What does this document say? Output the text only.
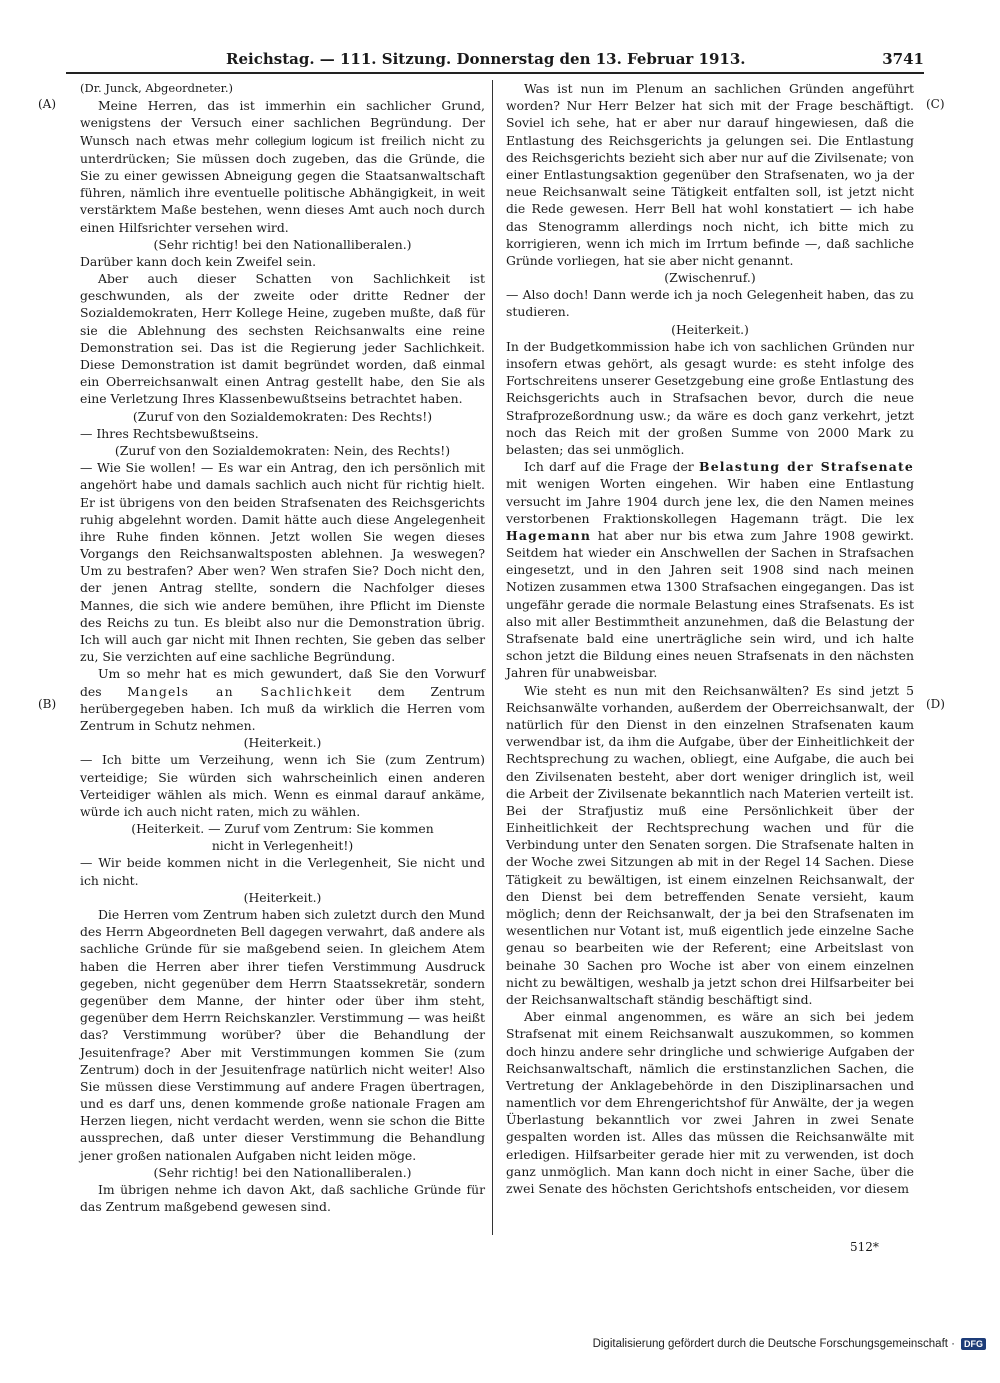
Reichstag. — 111. Sitzung. Donnerstag den 13. Februar 1913.	3741
(A)
(B)
(C)
(D)

(Dr. Junck, Abgeordneter.)

Meine Herren, das ist immerhin ein sachlicher Grund, wenigstens der Versuch einer sachlichen Begründung. Der Wunsch nach etwas mehr collegium logicum ist freilich nicht zu unterdrücken; Sie müssen doch zugeben, das die Gründe, die Sie zu einer gewissen Abneigung gegen die Staatsanwaltschaft führen, nämlich ihre eventuelle politische Abhängigkeit, in weit verstärktem Maße bestehen, wenn dieses Amt auch noch durch einen Hilfsrichter versehen wird.

(Sehr richtig! bei den Nationalliberalen.)

Darüber kann doch kein Zweifel sein.

Aber auch dieser Schatten von Sachlichkeit ist geschwunden, als der zweite oder dritte Redner der Sozialdemokraten, Herr Kollege Heine, zugeben mußte, daß für sie die Ablehnung des sechsten Reichsanwalts eine reine Demonstration sei. Das ist die Regierung jeder Sachlichkeit. Diese Demonstration ist damit begründet worden, daß einmal ein Oberreichsanwalt einen Antrag gestellt habe, den Sie als eine Verletzung Ihres Klassenbewußtseins betrachtet haben.

(Zuruf von den Sozialdemokraten: Des Rechts!)

— Ihres Rechtsbewußtseins.

(Zuruf von den Sozialdemokraten: Nein, des Rechts!)

— Wie Sie wollen! — Es war ein Antrag, den ich persönlich mit angehört habe und damals sachlich auch nicht für richtig hielt. Er ist übrigens von den beiden Strafsenaten des Reichsgerichts ruhig abgelehnt worden. Damit hätte auch diese Angelegenheit ihre Ruhe finden können. Jetzt wollen Sie wegen dieses Vorgangs den Reichsanwaltsposten ablehnen. Ja weswegen? Um zu bestrafen? Aber wen? Wen strafen Sie? Doch nicht den, der jenen Antrag stellte, sondern die Nachfolger dieses Mannes, die sich wie andere bemühen, ihre Pflicht im Dienste des Reichs zu tun. Es bleibt also nur die Demonstration übrig. Ich will auch gar nicht mit Ihnen rechten, Sie geben das selber zu, Sie verzichten auf eine sachliche Begründung.

Um so mehr hat es mich gewundert, daß Sie den Vorwurf des Mangels an Sachlichkeit dem Zentrum herübergegeben haben. Ich muß da wirklich die Herren vom Zentrum in Schutz nehmen.

(Heiterkeit.)

— Ich bitte um Verzeihung, wenn ich Sie (zum Zentrum) verteidige; Sie würden sich wahrscheinlich einen anderen Verteidiger wählen als mich. Wenn es einmal darauf ankäme, würde ich auch nicht raten, mich zu wählen.

(Heiterkeit. — Zuruf vom Zentrum: Sie kommen

nicht in Verlegenheit!)

— Wir beide kommen nicht in die Verlegenheit, Sie nicht und ich nicht.

(Heiterkeit.)

Die Herren vom Zentrum haben sich zuletzt durch den Mund des Herrn Abgeordneten Bell dagegen verwahrt, daß andere als sachliche Gründe für sie maßgebend seien. In gleichem Atem haben die Herren aber ihrer tiefen Verstimmung Ausdruck gegeben, nicht gegenüber dem Herrn Staatssekretär, sondern gegenüber dem Manne, der hinter oder über ihm steht, gegenüber dem Herrn Reichskanzler. Verstimmung — was heißt das? Verstimmung worüber? über die Behandlung der Jesuitenfrage? Aber mit Verstimmungen kommen Sie (zum Zentrum) doch in der Jesuitenfrage natürlich nicht weiter! Also Sie müssen diese Verstimmung auf andere Fragen übertragen, und es darf uns, denen kommende große nationale Fragen am Herzen liegen, nicht verdacht werden, wenn sie schon die Bitte aussprechen, daß unter dieser Verstimmung die Behandlung jener großen nationalen Aufgaben nicht leiden möge.

(Sehr richtig! bei den Nationalliberalen.)

Im übrigen nehme ich davon Akt, daß sachliche Gründe für das Zentrum maßgebend gewesen sind.

Was ist nun im Plenum an sachlichen Gründen angeführt worden? Nur Herr Belzer hat sich mit der Frage beschäftigt. Soviel ich sehe, hat er aber nur darauf hingewiesen, daß die Entlastung des Reichsgerichts ja gelungen sei. Die Entlastung des Reichsgerichts bezieht sich aber nur auf die Zivilsenate; von einer Entlastungsaktion gegenüber den Strafsenaten, wo ja der neue Reichsanwalt seine Tätigkeit entfalten soll, ist jetzt nicht die Rede gewesen. Herr Bell hat wohl konstatiert — ich habe das Stenogramm allerdings noch nicht, ich bitte mich zu korrigieren, wenn ich mich im Irrtum befinde —, daß sachliche Gründe vorliegen, hat sie aber nicht genannt.

(Zwischenruf.)

— Also doch! Dann werde ich ja noch Gelegenheit haben, das zu studieren.

(Heiterkeit.)

In der Budgetkommission habe ich von sachlichen Gründen nur insofern etwas gehört, als gesagt wurde: es steht infolge des Fortschreitens unserer Gesetzgebung eine große Entlastung des Reichsgerichts auch in Strafsachen bevor, durch die neue Strafprozeßordnung usw.; da wäre es doch ganz verkehrt, jetzt noch das Reich mit der großen Summe von 2000 Mark zu belasten; das sei unmöglich.

Ich darf auf die Frage der Belastung der Strafsenate mit wenigen Worten eingehen. Wir haben eine Entlastung versucht im Jahre 1904 durch jene lex, die den Namen meines verstorbenen Fraktionskollegen Hagemann trägt. Die lex Hagemann hat aber nur bis etwa zum Jahre 1908 gewirkt. Seitdem hat wieder ein Anschwellen der Sachen in Strafsachen eingesetzt, und in den Jahren seit 1908 sind nach meinen Notizen zusammen etwa 1300 Strafsachen eingegangen. Das ist ungefähr gerade die normale Belastung eines Strafsenats. Es ist also mit aller Bestimmtheit anzunehmen, daß die Belastung der Strafsenate bald eine unerträgliche sein wird, und ich halte schon jetzt die Bildung eines neuen Strafsenats in den nächsten Jahren für unabweisbar.

Wie steht es nun mit den Reichsanwälten? Es sind jetzt 5 Reichsanwälte vorhanden, außerdem der Oberreichsanwalt, der natürlich für den Dienst in den einzelnen Strafsenaten kaum verwendbar ist, da ihm die Aufgabe, über der Einheitlichkeit der Rechtsprechung zu wachen, obliegt, eine Aufgabe, die auch bei den Zivilsenaten besteht, aber dort weniger dringlich ist, weil die Arbeit der Zivilsenate bekanntlich nach Materien verteilt ist. Bei der Strafjustiz muß eine Persönlichkeit über der Einheitlichkeit der Rechtsprechung wachen und für die Verbindung unter den Senaten sorgen. Die Strafsenate halten in der Woche zwei Sitzungen ab mit in der Regel 14 Sachen. Diese Tätigkeit zu bewältigen, ist einem einzelnen Reichsanwalt, der den Dienst bei dem betreffenden Senate versieht, kaum möglich; denn der Reichsanwalt, der ja bei den Strafsenaten im wesentlichen nur Votant ist, muß eigentlich jede einzelne Sache genau so bearbeiten wie der Referent; eine Arbeitslast von beinahe 30 Sachen pro Woche ist aber von einem einzelnen nicht zu bewältigen, weshalb ja jetzt schon drei Hilfsarbeiter bei der Reichsanwaltschaft ständig beschäftigt sind.

Aber einmal angenommen, es wäre an sich bei jedem Strafsenat mit einem Reichsanwalt auszukommen, so kommen doch hinzu andere sehr dringliche und schwierige Aufgaben der Reichsanwaltschaft, nämlich die erstinstanzlichen Sachen, die Vertretung der Anklagebehörde in den Disziplinarsachen und namentlich vor dem Ehrengerichtshof für Anwälte, der ja wegen Überlastung bekanntlich vor zwei Jahren in zwei Senate gespalten worden ist. Alles das müssen die Reichsanwälte mit erledigen. Hilfsarbeiter gerade hier mit zu verwenden, ist doch ganz unmöglich. Man kann doch nicht in einer Sache, über die zwei Senate des höchsten Gerichtshofs entscheiden, vor diesem

512*
Digitalisierung gefördert durch die Deutsche Forschungsgemeinschaft ·	DFG
